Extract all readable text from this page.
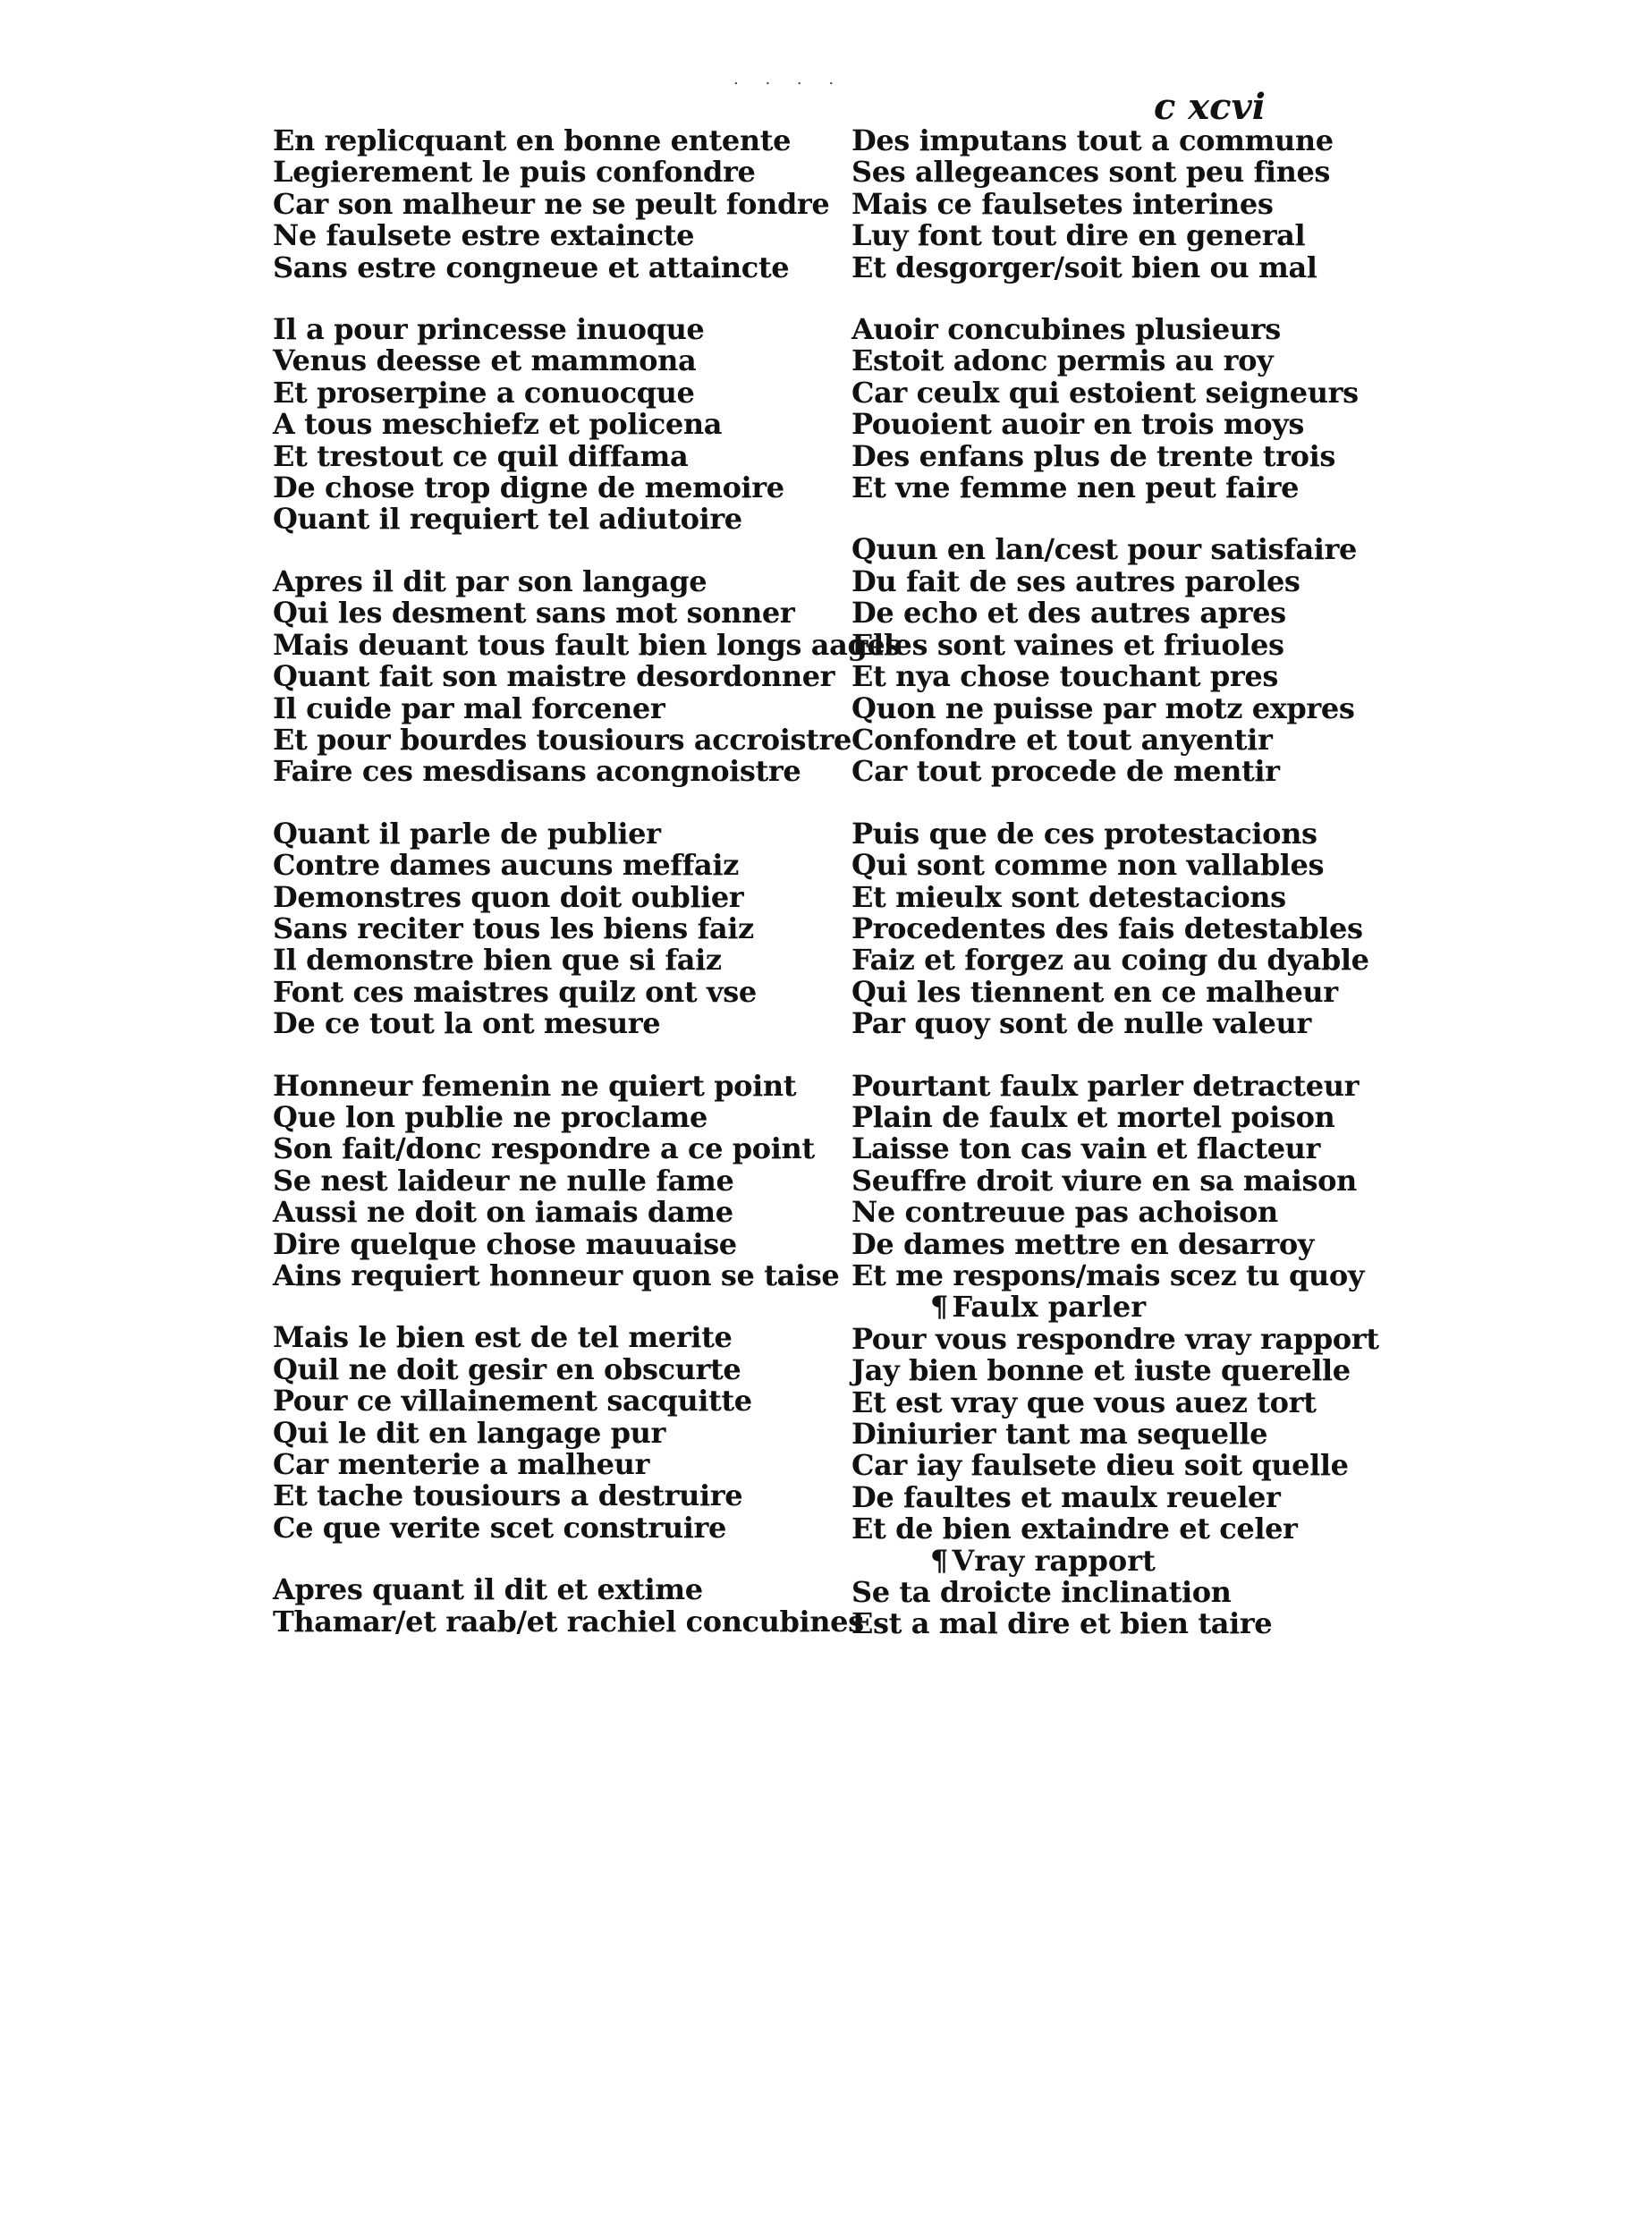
. . . .
c xcvi
En replicquant en bonne entente
Legierement le puis confondre
Car son malheur ne se peult fondre
Ne faulsete estre extaincte
Sans estre congneue et attaincte
Il a pour princesse inuoque
Venus deesse et mammona
Et proserpine a conuocque
A tous meschiefz et policena
Et trestout ce quil diffama
De chose trop digne de memoire
Quant il requiert tel adiutoire
Apres il dit par son langage
Qui les desment sans mot sonner
Mais deuant tous fault bien longs aages
Quant fait son maistre desordonner
Il cuide par mal forcener
Et pour bourdes tousiours accroistre
Faire ces mesdisans acongnoistre
Quant il parle de publier
Contre dames aucuns meffaiz
Demonstres quon doit oublier
Sans reciter tous les biens faiz
Il demonstre bien que si faiz
Font ces maistres quilz ont vse
De ce tout la ont mesure
Honneur femenin ne quiert point
Que lon publie ne proclame
Son fait/donc respondre a ce point
Se nest laideur ne nulle fame
Aussi ne doit on iamais dame
Dire quelque chose mauuaise
Ains requiert honneur quon se taise
Mais le bien est de tel merite
Quil ne doit gesir en obscurte
Pour ce villainement sacquitte
Qui le dit en langage pur
Car menterie a malheur
Et tache tousiours a destruire
Ce que verite scet construire
Apres quant il dit et extime
Thamar/et raab/et rachiel concubines
Des imputans tout a commune
Ses allegeances sont peu fines
Mais ce faulsetes interines
Luy font tout dire en general
Et desgorger/soit bien ou mal
Auoir concubines plusieurs
Estoit adonc permis au roy
Car ceulx qui estoient seigneurs
Pouoient auoir en trois moys
Des enfans plus de trente trois
Et vne femme nen peut faire
Quun en lan/cest pour satisfaire
Du fait de ses autres paroles
De echo et des autres apres
Elles sont vaines et friuoles
Et nya chose touchant pres
Quon ne puisse par motz expres
Confondre et tout anyentir
Car tout procede de mentir
Puis que de ces protestacions
Qui sont comme non vallables
Et mieulx sont detestacions
Procedentes des fais detestables
Faiz et forgez au coing du dyable
Qui les tiennent en ce malheur
Par quoy sont de nulle valeur
Pourtant faulx parler detracteur
Plain de faulx et mortel poison
Laisse ton cas vain et flacteur
Seuffre droit viure en sa maison
Ne contreuue pas achoison
De dames mettre en desarroy
Et me respons/mais scez tu quoy
¶ Faulx parler
Pour vous respondre vray rapport
Jay bien bonne et iuste querelle
Et est vray que vous auez tort
Diniurier tant ma sequelle
Car iay faulsete dieu soit quelle
De faultes et maulx reueler
Et de bien extaindre et celer
¶ Vray rapport
Se ta droicte inclination
Est a mal dire et bien taire
